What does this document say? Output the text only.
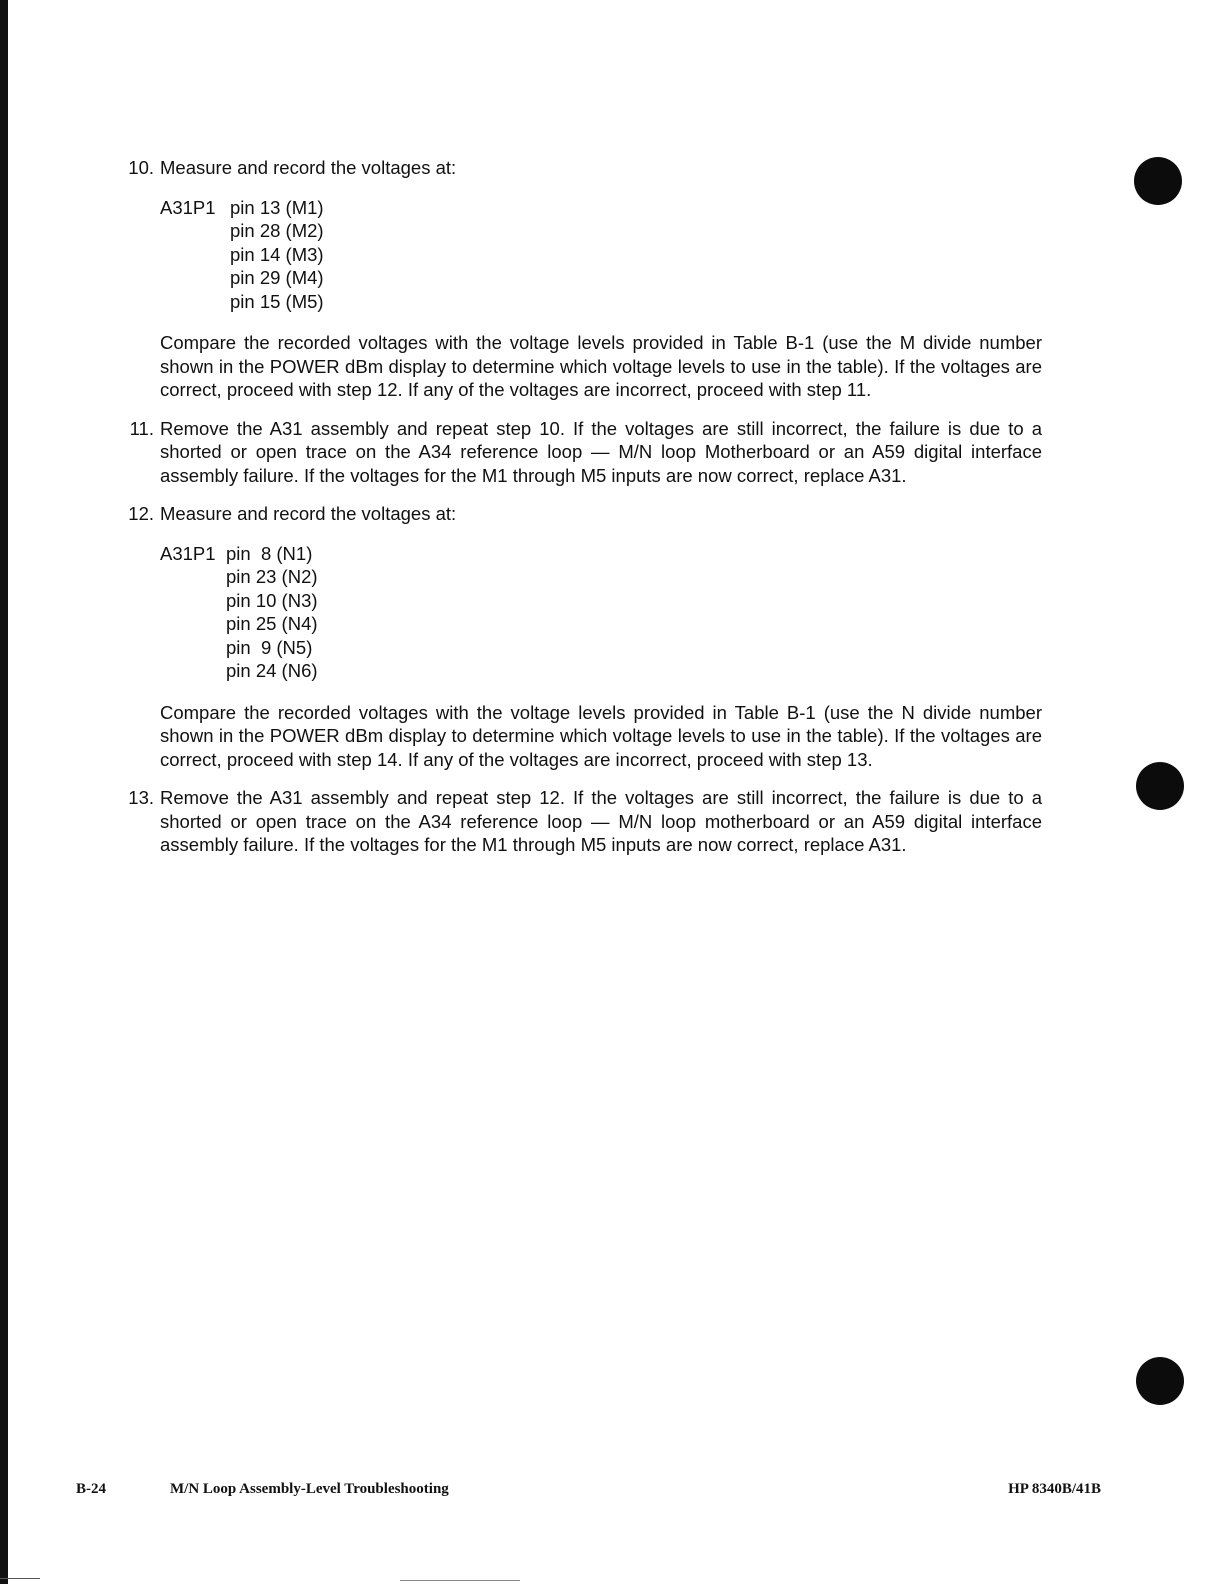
10. Measure and record the voltages at:
A31P1 pin 13 (M1)
pin 28 (M2)
pin 14 (M3)
pin 29 (M4)
pin 15 (M5)
Compare the recorded voltages with the voltage levels provided in Table B-1 (use the M divide number shown in the POWER dBm display to determine which voltage levels to use in the table). If the voltages are correct, proceed with step 12. If any of the voltages are incorrect, proceed with step 11.
11. Remove the A31 assembly and repeat step 10. If the voltages are still incorrect, the failure is due to a shorted or open trace on the A34 reference loop — M/N loop Motherboard or an A59 digital interface assembly failure. If the voltages for the M1 through M5 inputs are now correct, replace A31.
12. Measure and record the voltages at:
A31P1 pin  8 (N1)
pin 23 (N2)
pin 10 (N3)
pin 25 (N4)
pin  9 (N5)
pin 24 (N6)
Compare the recorded voltages with the voltage levels provided in Table B-1 (use the N divide number shown in the POWER dBm display to determine which voltage levels to use in the table). If the voltages are correct, proceed with step 14. If any of the voltages are incorrect, proceed with step 13.
13. Remove the A31 assembly and repeat step 12. If the voltages are still incorrect, the failure is due to a shorted or open trace on the A34 reference loop — M/N loop motherboard or an A59 digital interface assembly failure. If the voltages for the M1 through M5 inputs are now correct, replace A31.
B-24	M/N Loop Assembly-Level Troubleshooting	HP 8340B/41B
